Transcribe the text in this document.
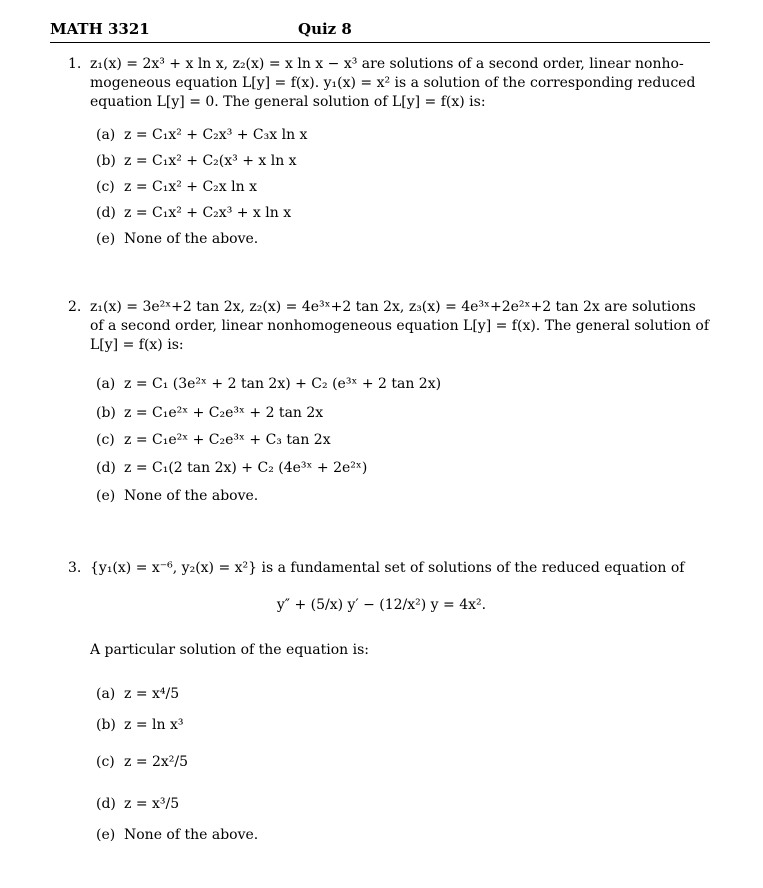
MATH 3321	Quiz 8
1. z₁(x) = 2x³ + x ln x, z₂(x) = x ln x − x³ are solutions of a second order, linear nonho-
mogeneous equation L[y] = f(x). y₁(x) = x² is a solution of the corresponding reduced
equation L[y] = 0. The general solution of L[y] = f(x) is:
(a) z = C₁x² + C₂x³ + C₃x ln x
(b) z = C₁x² + C₂(x³ + x ln x
(c) z = C₁x² + C₂x ln x
(d) z = C₁x² + C₂x³ + x ln x
(e) None of the above.
2. z₁(x) = 3e²ˣ+2 tan 2x, z₂(x) = 4e³ˣ+2 tan 2x, z₃(x) = 4e³ˣ+2e²ˣ+2 tan 2x are solutions
of a second order, linear nonhomogeneous equation L[y] = f(x). The general solution of
L[y] = f(x) is:
(a) z = C₁ (3e²ˣ + 2 tan 2x) + C₂ (e³ˣ + 2 tan 2x)
(b) z = C₁e²ˣ + C₂e³ˣ + 2 tan 2x
(c) z = C₁e²ˣ + C₂e³ˣ + C₃ tan 2x
(d) z = C₁(2 tan 2x) + C₂ (4e³ˣ + 2e²ˣ)
(e) None of the above.
3. {y₁(x) = x⁻⁶, y₂(x) = x²} is a fundamental set of solutions of the reduced equation of
y″ + (5/x) y′ − (12/x²) y = 4x².
A particular solution of the equation is:
(a) z = x⁴/5
(b) z = ln x³
(c) z = 2x²/5
(d) z = x³/5
(e) None of the above.
